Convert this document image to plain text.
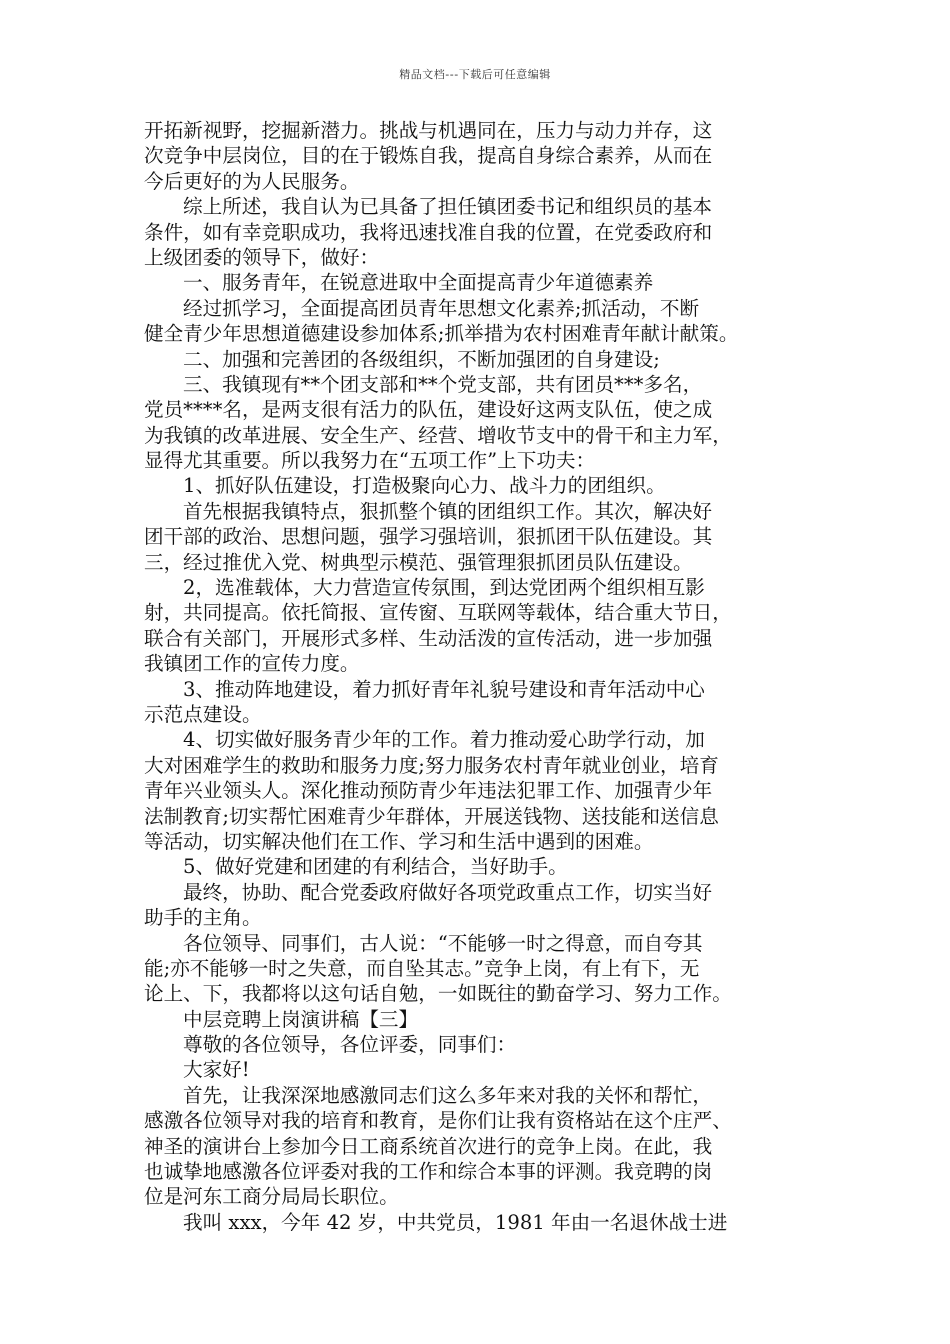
精品文档---下载后可任意编辑
开拓新视野，挖掘新潜力。挑战与机遇同在，压力与动力并存，这
次竞争中层岗位，目的在于锻炼自我，提高自身综合素养，从而在
今后更好的为人民服务。
综上所述，我自认为已具备了担任镇团委书记和组织员的基本
条件，如有幸竞职成功，我将迅速找准自我的位置，在党委政府和
上级团委的领导下，做好：
一、服务青年，在锐意进取中全面提高青少年道德素养
经过抓学习，全面提高团员青年思想文化素养;抓活动，不断
健全青少年思想道德建设参加体系;抓举措为农村困难青年献计献策。
二、加强和完善团的各级组织，不断加强团的自身建设;
三、我镇现有**个团支部和**个党支部，共有团员***多名，
党员****名，是两支很有活力的队伍，建设好这两支队伍，使之成
为我镇的改革进展、安全生产、经营、增收节支中的骨干和主力军，
显得尤其重要。所以我努力在“五项工作”上下功夫：
1、抓好队伍建设，打造极聚向心力、战斗力的团组织。
首先根据我镇特点，狠抓整个镇的团组织工作。其次，解决好
团干部的政治、思想问题，强学习强培训，狠抓团干队伍建设。其
三，经过推优入党、树典型示模范、强管理狠抓团员队伍建设。
2，选准载体，大力营造宣传氛围，到达党团两个组织相互影
射，共同提高。依托简报、宣传窗、互联网等载体，结合重大节日，
联合有关部门，开展形式多样、生动活泼的宣传活动，进一步加强
我镇团工作的宣传力度。
3、推动阵地建设，着力抓好青年礼貌号建设和青年活动中心
示范点建设。
4、切实做好服务青少年的工作。着力推动爱心助学行动，加
大对困难学生的救助和服务力度;努力服务农村青年就业创业，培育
青年兴业领头人。深化推动预防青少年违法犯罪工作、加强青少年
法制教育;切实帮忙困难青少年群体，开展送钱物、送技能和送信息
等活动，切实解决他们在工作、学习和生活中遇到的困难。
5、做好党建和团建的有利结合，当好助手。
最终，协助、配合党委政府做好各项党政重点工作，切实当好
助手的主角。
各位领导、同事们，古人说：“不能够一时之得意，而自夸其
能;亦不能够一时之失意，而自坠其志。”竞争上岗，有上有下，无
论上、下，我都将以这句话自勉，一如既往的勤奋学习、努力工作。
中层竞聘上岗演讲稿【三】
尊敬的各位领导，各位评委，同事们：
大家好!
首先，让我深深地感激同志们这么多年来对我的关怀和帮忙，
感激各位领导对我的培育和教育，是你们让我有资格站在这个庄严、
神圣的演讲台上参加今日工商系统首次进行的竞争上岗。在此，我
也诚挚地感激各位评委对我的工作和综合本事的评测。我竞聘的岗
位是河东工商分局局长职位。
我叫 xxx，今年 42 岁，中共党员，1981 年由一名退休战士进
